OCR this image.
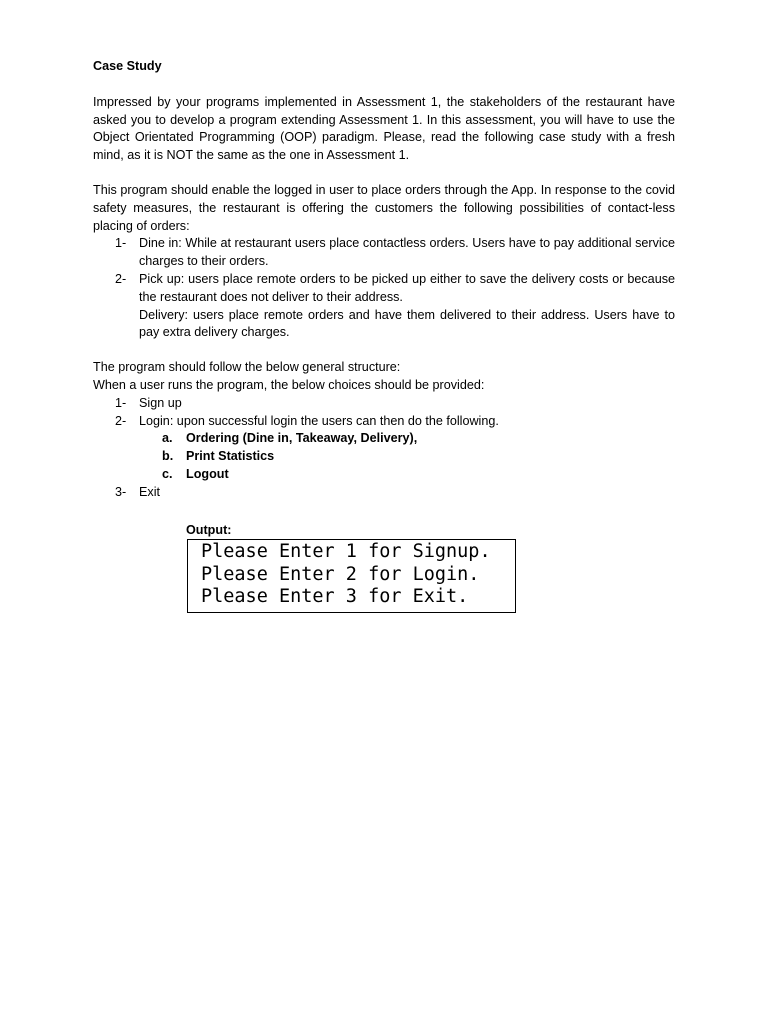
Case Study
Impressed by your programs implemented in Assessment 1, the stakeholders of the restaurant have asked you to develop a program extending Assessment 1. In this assessment, you will have to use the Object Orientated Programming (OOP) paradigm. Please, read the following case study with a fresh mind, as it is NOT the same as the one in Assessment 1.
This program should enable the logged in user to place orders through the App. In response to the covid safety measures, the restaurant is offering the customers the following possibilities of contact-less placing of orders:
1- Dine in: While at restaurant users place contactless orders. Users have to pay additional service charges to their orders.
2- Pick up: users place remote orders to be picked up either to save the delivery costs or because the restaurant does not deliver to their address.
Delivery: users place remote orders and have them delivered to their address. Users have to pay extra delivery charges.
The program should follow the below general structure:
When a user runs the program, the below choices should be provided:
1- Sign up
2- Login: upon successful login the users can then do the following.
a. Ordering (Dine in, Takeaway, Delivery),
b. Print Statistics
c. Logout
3- Exit
Output:
Please Enter 1 for Signup.
Please Enter 2 for Login.
Please Enter 3 for Exit.
